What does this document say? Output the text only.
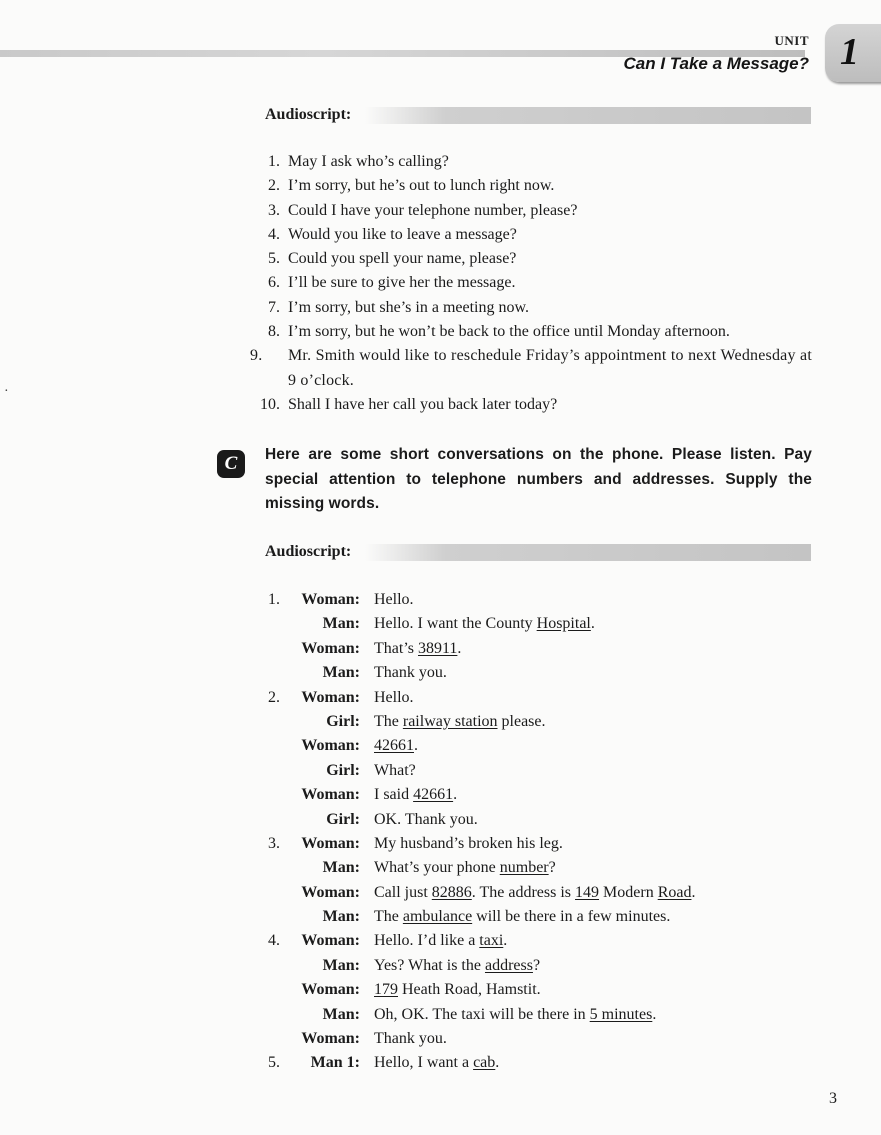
UNIT
Can I Take a Message? 1
Audioscript:
1. May I ask who’s calling?
2. I’m sorry, but he’s out to lunch right now.
3. Could I have your telephone number, please?
4. Would you like to leave a message?
5. Could you spell your name, please?
6. I’ll be sure to give her the message.
7. I’m sorry, but she’s in a meeting now.
8. I’m sorry, but he won’t be back to the office until Monday afternoon.
9.	Mr. Smith would like to reschedule Friday’s appointment to next Wednesday at 9 o’clock.
10. Shall I have her call you back later today?
·
C	Here are some short conversations on the phone. Please listen. Pay special attention to telephone numbers and addresses. Supply the missing words.
Audioscript:
1.	Woman: Hello.
Man: Hello. I want the County Hospital.
Woman: That’s 38911.
Man: Thank you.
2.	Woman: Hello.
Girl: The railway station please.
Woman: 42661.
Girl: What?
Woman: I said 42661.
Girl: OK. Thank you.
3.	Woman: My husband’s broken his leg.
Man: What’s your phone number?
Woman: Call just 82886. The address is 149 Modern Road.
Man: The ambulance will be there in a few minutes.
4.	Woman: Hello. I’d like a taxi.
Man: Yes? What is the address?
Woman: 179 Heath Road, Hamstit.
Man: Oh, OK. The taxi will be there in 5 minutes.
Woman: Thank you.
5.	Man 1: Hello, I want a cab.
3
